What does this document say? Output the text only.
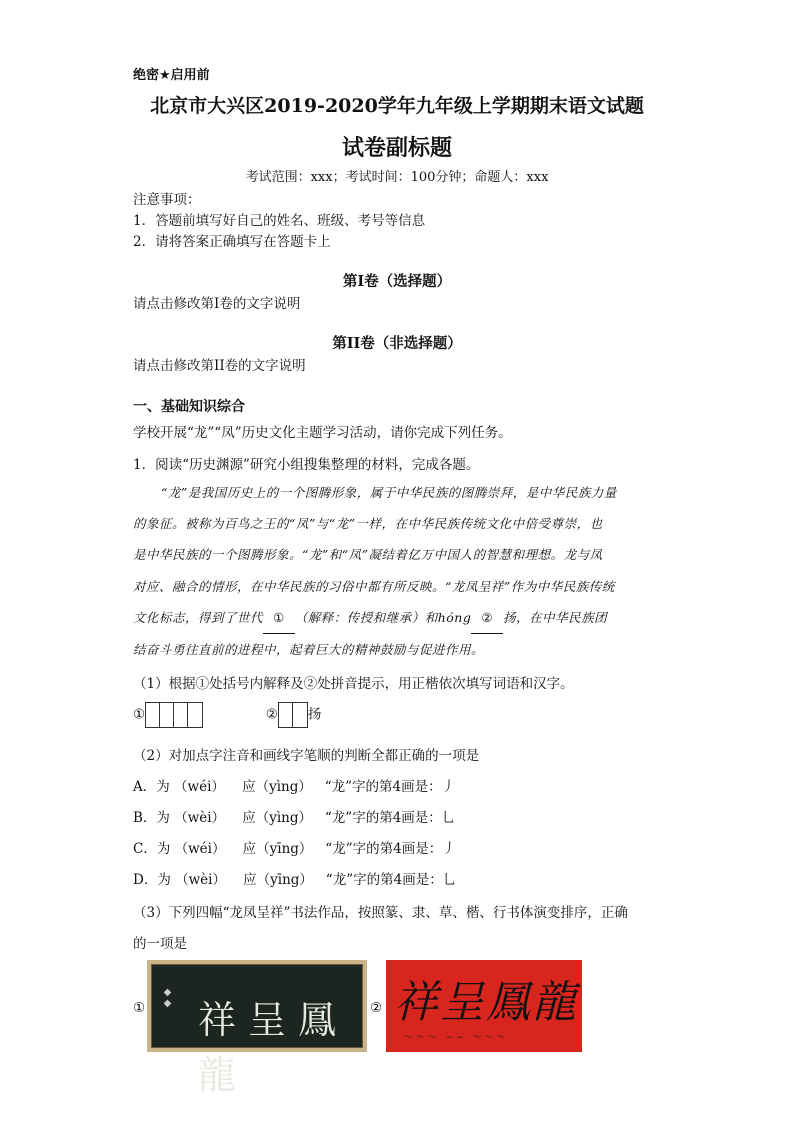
绝密★启用前
北京市大兴区2019-2020学年九年级上学期期末语文试题
试卷副标题
考试范围：xxx；考试时间：100分钟；命题人：xxx
注意事项：
1．答题前填写好自己的姓名、班级、考号等信息
2．请将答案正确填写在答题卡上
第I卷（选择题）
请点击修改第I卷的文字说明
第II卷（非选择题）
请点击修改第II卷的文字说明
一、基础知识综合
学校开展“龙”“凤”历史文化主题学习活动，请你完成下列任务。
1．阅读“历史渊源”研究小组搜集整理的材料，完成各题。
“龙”是我国历史上的一个图腾形象，属于中华民族的图腾崇拜，是中华民族力量
的象征。被称为百鸟之王的“凤”与“龙”一样，在中华民族传统文化中倍受尊崇，也
是中华民族的一个图腾形象。“龙”和“凤”凝结着亿万中国人的智慧和理想。龙与凤
对应、融合的情形，在中华民族的习俗中都有所反映。“龙凤呈祥”作为中华民族传统
文化标志，得到了世代 ① （解释：传授和继承）和hóng ② 扬，在中华民族团
结奋斗勇往直前的进程中，起着巨大的精神鼓励与促进作用。
（1）根据①处括号内解释及②处拼音提示，用正楷依次填写词语和汉字。
①	② 扬
（2）对加点字注音和画线字笔顺的判断全都正确的一项是
A．为 （wéi）    应（yìng）   “龙”字的第4画是：丿
B．为 （wèi）    应（yìng）   “龙”字的第4画是：乚
C．为 （wéi）    应（yīng）   “龙”字的第4画是：丿
D．为 （wèi）    应（yīng）   “龙”字的第4画是：乚
（3）下列四幅“龙凤呈祥”书法作品，按照篆、隶、草、楷、行书体演变排序，正确
的一项是
① ◆◆ 祥呈鳳龍
② 祥呈鳳龍
〜〜〜 ∽∽ 〜〜〜
